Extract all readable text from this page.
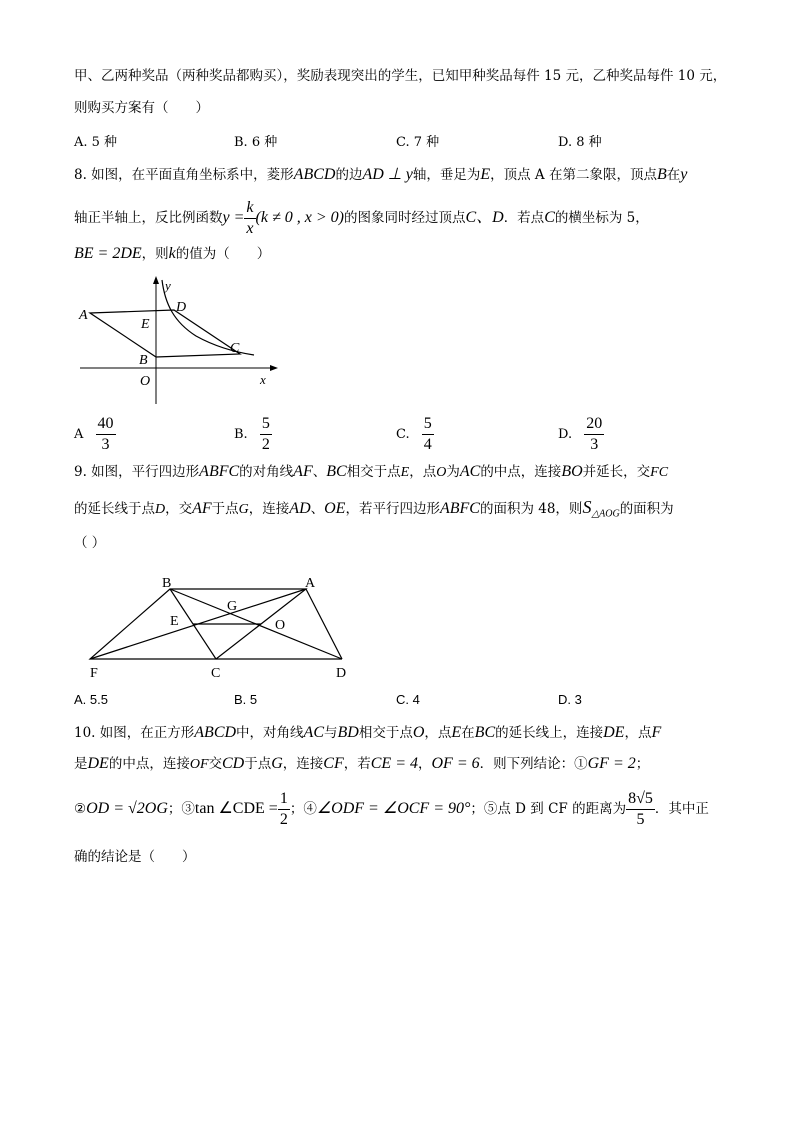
甲、乙两种奖品（两种奖品都购买），奖励表现突出的学生，已知甲种奖品每件 15 元，乙种奖品每件 10 元，
则购买方案有（　　）
A. 5 种	B. 6 种	C. 7 种	D. 8 种
8. 如图，在平面直角坐标系中，菱形ABCD的边AD ⊥ y轴，垂足为E，顶点 A 在第二象限，顶点B在y
轴正半轴上，反比例函数$y = \frac{k}{x} (k \ne 0$ , x > 0)的图象同时经过顶点C、D．若点C的横坐标为 5，
BE = 2DE，则k的值为（　　）
y
x
A
D
E
B
C
O
A $\frac{40}{3}$	B. $\frac{5}{2}$	C. $\frac{5}{4}$	D. $\frac{20}{3}$
9. 如图，平行四边形ABFC的对角线AF、BC相交于点E，点O为AC的中点，连接BO并延长，交FC
的延长线于点D，交AF于点G，连接AD、OE，若平行四边形ABFC的面积为 48，则$S_{\triangle AOG}$的面积为
（ ）
B	A
G
E	O
F	C	D
A. 5.5	B. 5	C. 4	D. 3
10. 如图，在正方形ABCD中，对角线AC与BD相交于点O，点E在BC的延长线上，连接DE，点F
是DE的中点，连接OF交CD于点G，连接CF，若CE = 4，OF = 6．则下列结论：①GF = 2；
②OD = √2OG；③tan ∠CDE = $\frac{1}{2}$ ；④∠ODF = ∠OCF = 90°；⑤点 D 到 CF 的距离为 $\frac{8√5}{5}$ ．其中正
确的结论是（　　）
